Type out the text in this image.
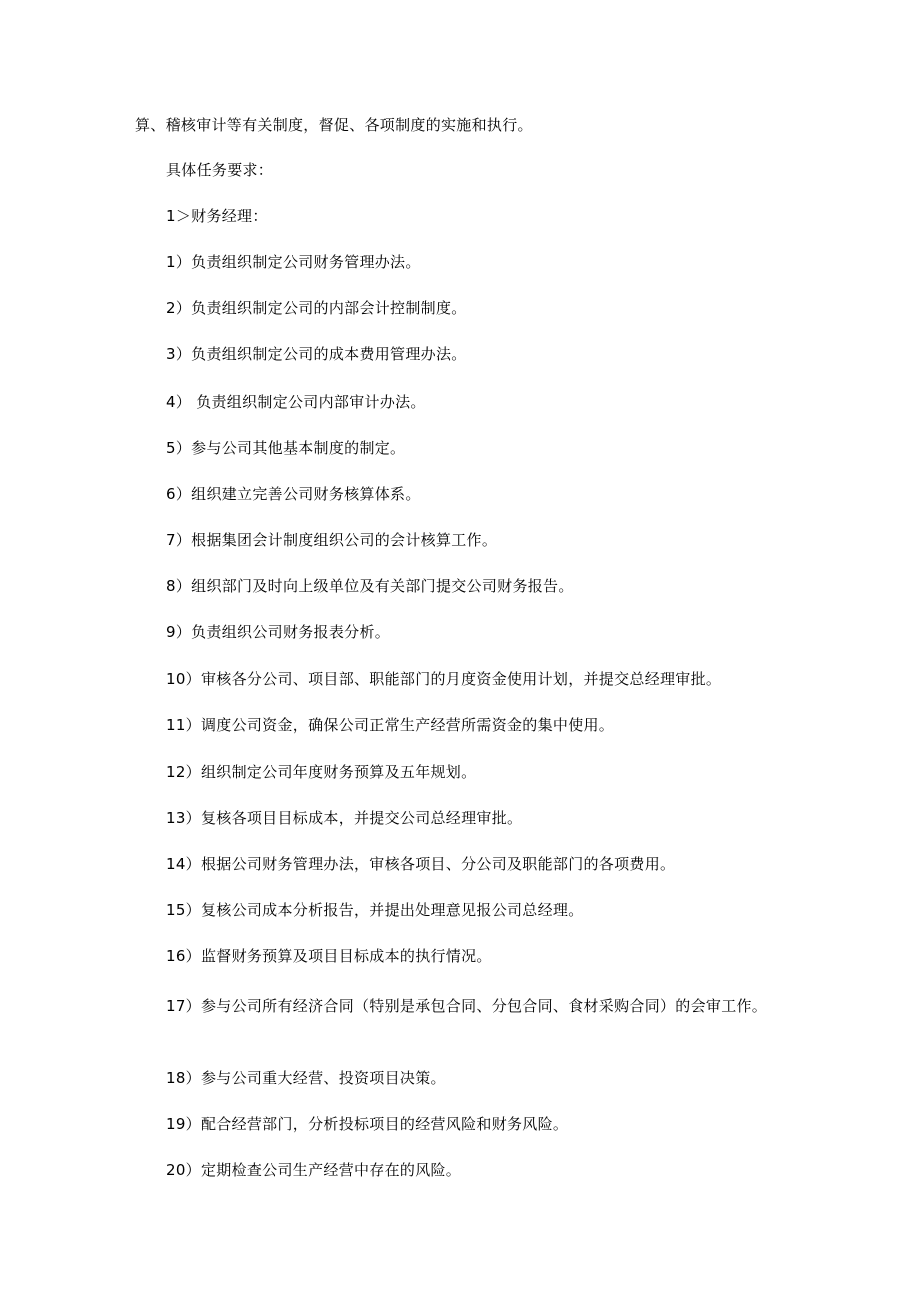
算、稽核审计等有关制度，督促、各项制度的实施和执行。
具体任务要求：
1＞财务经理：
1）负责组织制定公司财务管理办法。
2）负责组织制定公司的内部会计控制制度。
3）负责组织制定公司的成本费用管理办法。
4） 负责组织制定公司内部审计办法。
5）参与公司其他基本制度的制定。
6）组织建立完善公司财务核算体系。
7）根据集团会计制度组织公司的会计核算工作。
8）组织部门及时向上级单位及有关部门提交公司财务报告。
9）负责组织公司财务报表分析。
10）审核各分公司、项目部、职能部门的月度资金使用计划，并提交总经理审批。
11）调度公司资金，确保公司正常生产经营所需资金的集中使用。
12）组织制定公司年度财务预算及五年规划。
13）复核各项目目标成本，并提交公司总经理审批。
14）根据公司财务管理办法，审核各项目、分公司及职能部门的各项费用。
15）复核公司成本分析报告，并提出处理意见报公司总经理。
16）监督财务预算及项目目标成本的执行情况。
17）参与公司所有经济合同（特别是承包合同、分包合同、食材采购合同）的会审工作。
18）参与公司重大经营、投资项目决策。
19）配合经营部门，分析投标项目的经营风险和财务风险。
20）定期检查公司生产经营中存在的风险。
